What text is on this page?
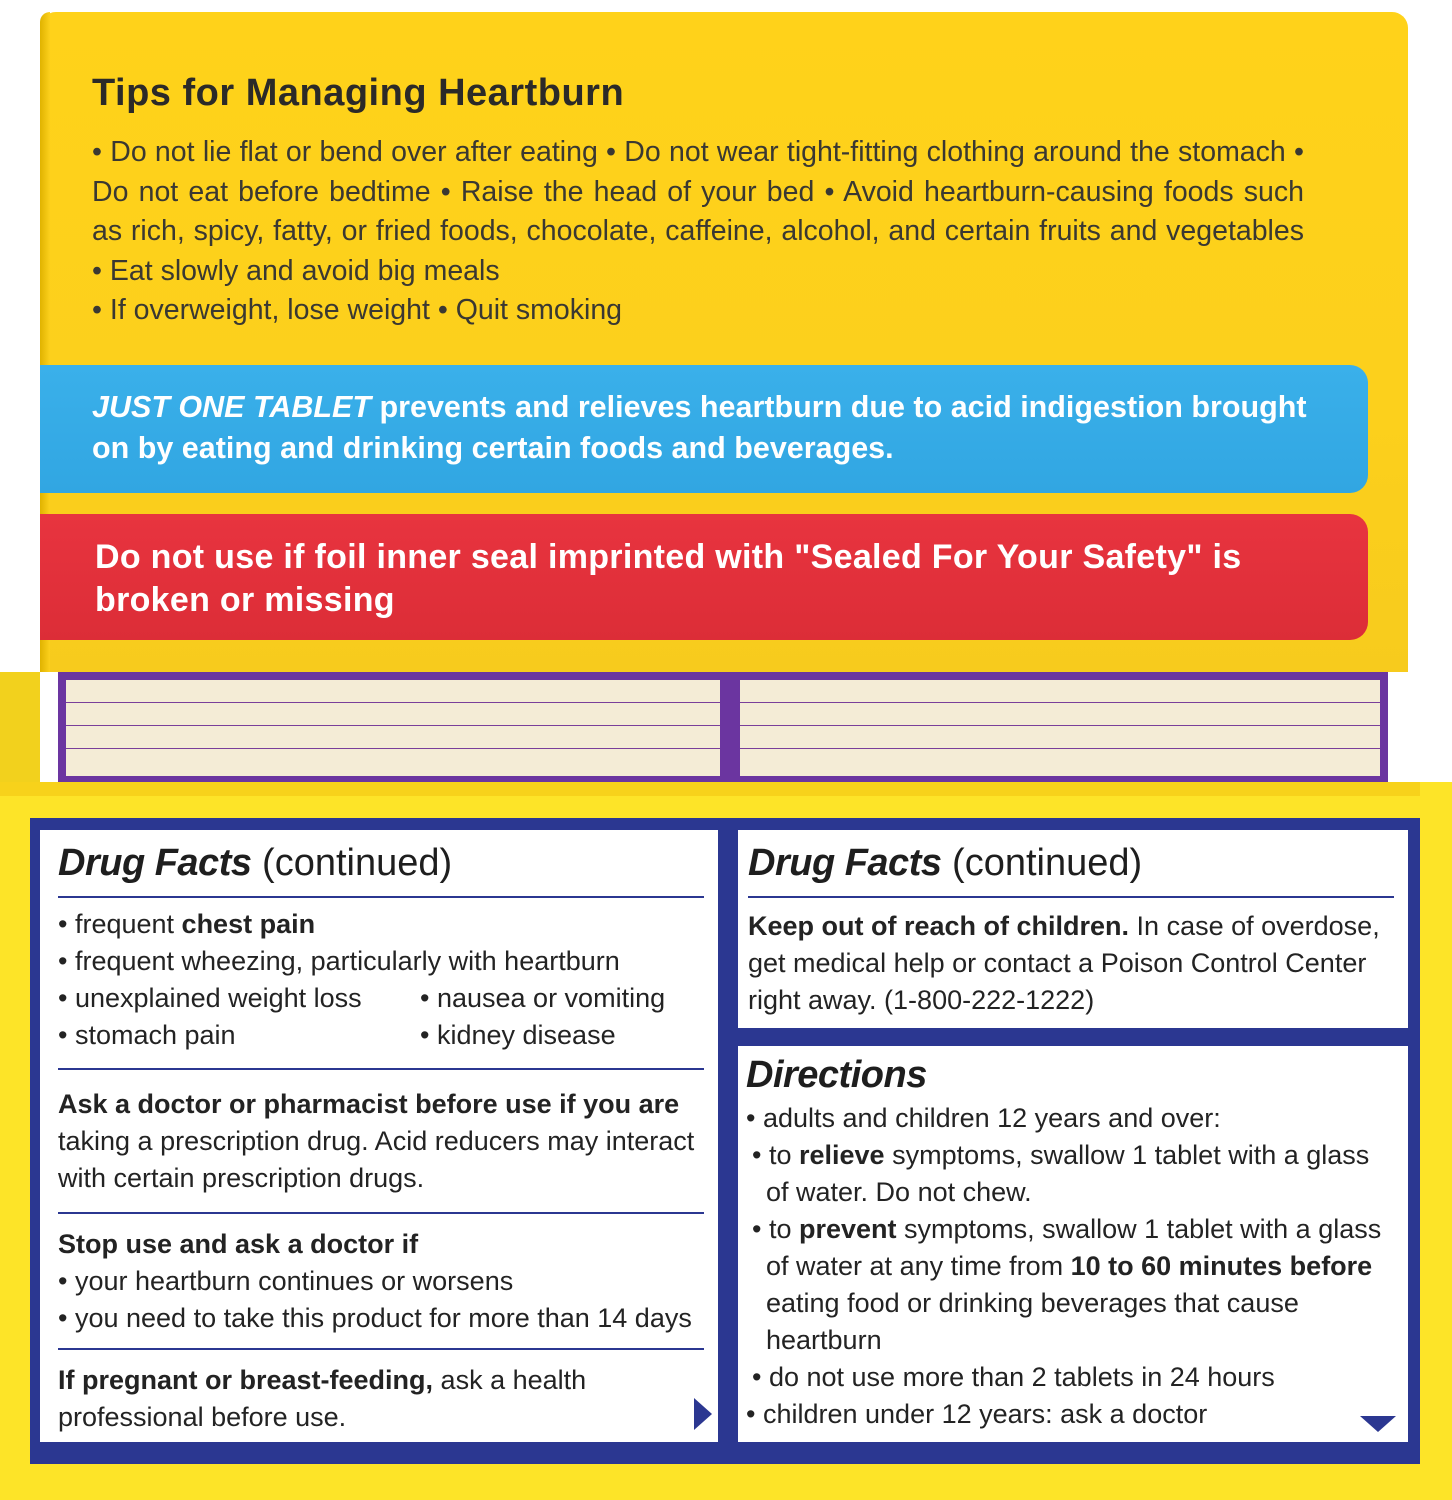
Tips for Managing Heartburn
• Do not lie flat or bend over after eating • Do not wear tight-fitting clothing around the stomach • Do not eat before bedtime • Raise the head of your bed • Avoid heartburn-causing foods such as rich, spicy, fatty, or fried foods, chocolate, caffeine, alcohol, and certain fruits and vegetables • Eat slowly and avoid big meals
• If overweight, lose weight • Quit smoking
JUST ONE TABLET prevents and relieves heartburn due to acid indigestion brought on by eating and drinking certain foods and beverages.
Do not use if foil inner seal imprinted with "Sealed For Your Safety" is broken or missing
Drug Facts (continued)
• frequent chest pain
• frequent wheezing, particularly with heartburn
• unexplained weight loss • nausea or vomiting
• stomach pain	• kidney disease
Ask a doctor or pharmacist before use if you are
taking a prescription drug. Acid reducers may interact with certain prescription drugs.
Stop use and ask a doctor if
• your heartburn continues or worsens
• you need to take this product for more than 14 days
If pregnant or breast-feeding, ask a health professional before use.
Drug Facts (continued)
Keep out of reach of children. In case of overdose, get medical help or contact a Poison Control Center right away. (1-800-222-1222)
Directions
• adults and children 12 years and over:
• to relieve symptoms, swallow 1 tablet with a glass of water. Do not chew.
• to prevent symptoms, swallow 1 tablet with a glass of water at any time from 10 to 60 minutes before eating food or drinking beverages that cause heartburn
• do not use more than 2 tablets in 24 hours
• children under 12 years: ask a doctor
